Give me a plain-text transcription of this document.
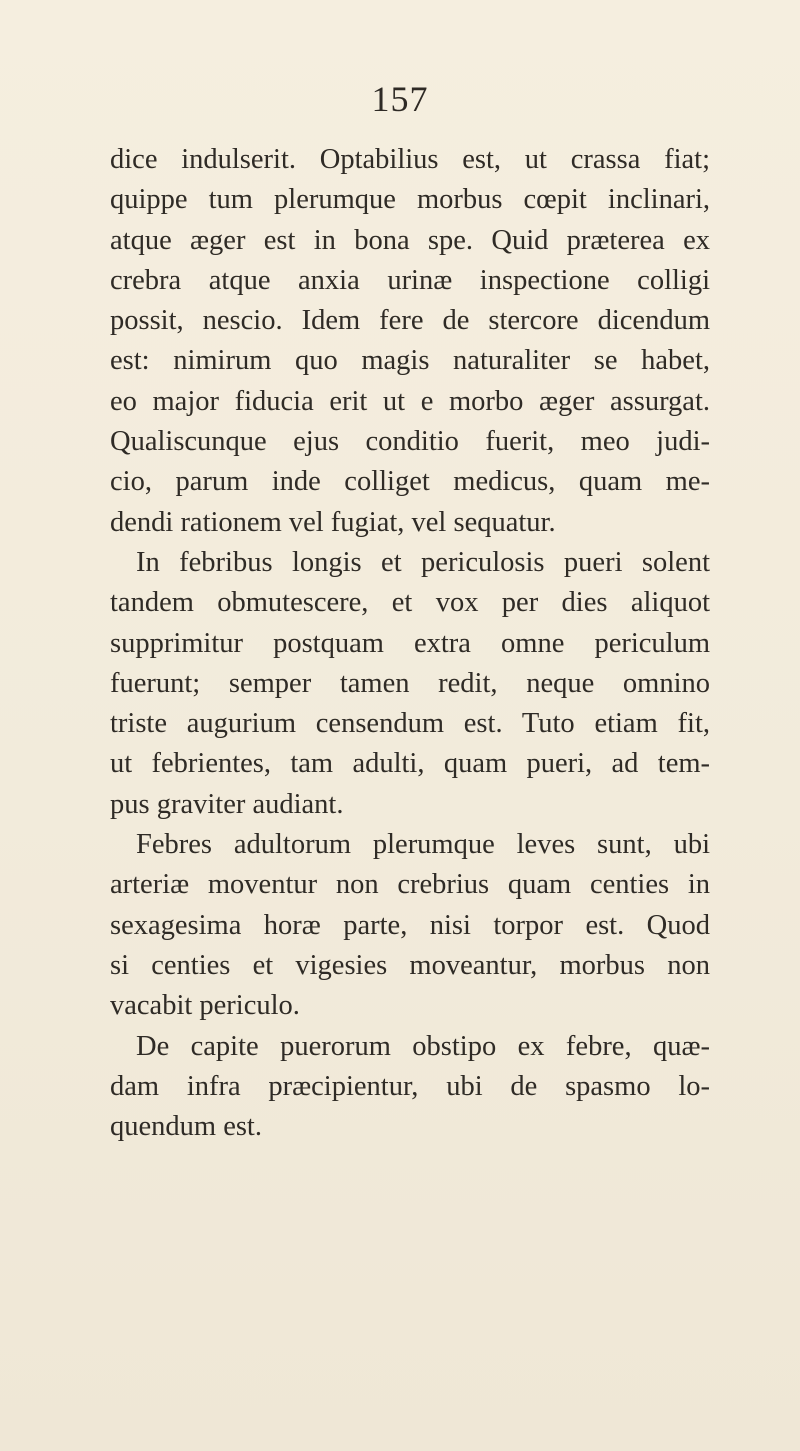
157
dice indulserit. Optabilius est, ut crassa fiat;
quippe tum plerumque morbus cœpit inclinari,
atque æger est in bona spe. Quid præterea ex
crebra atque anxia urinæ inspectione colligi
possit, nescio. Idem fere de stercore dicendum
est: nimirum quo magis naturaliter se habet,
eo major fiducia erit ut e morbo æger assurgat.
Qualiscunque ejus conditio fuerit, meo judi-
cio, parum inde colliget medicus, quam me-
dendi rationem vel fugiat, vel sequatur.
In febribus longis et periculosis pueri solent
tandem obmutescere, et vox per dies aliquot
supprimitur postquam extra omne periculum
fuerunt; semper tamen redit, neque omnino
triste augurium censendum est. Tuto etiam fit,
ut febrientes, tam adulti, quam pueri, ad tem-
pus graviter audiant.
Febres adultorum plerumque leves sunt, ubi
arteriæ moventur non crebrius quam centies in
sexagesima horæ parte, nisi torpor est. Quod
si centies et vigesies moveantur, morbus non
vacabit periculo.
De capite puerorum obstipo ex febre, quæ-
dam infra præcipientur, ubi de spasmo lo-
quendum est.
